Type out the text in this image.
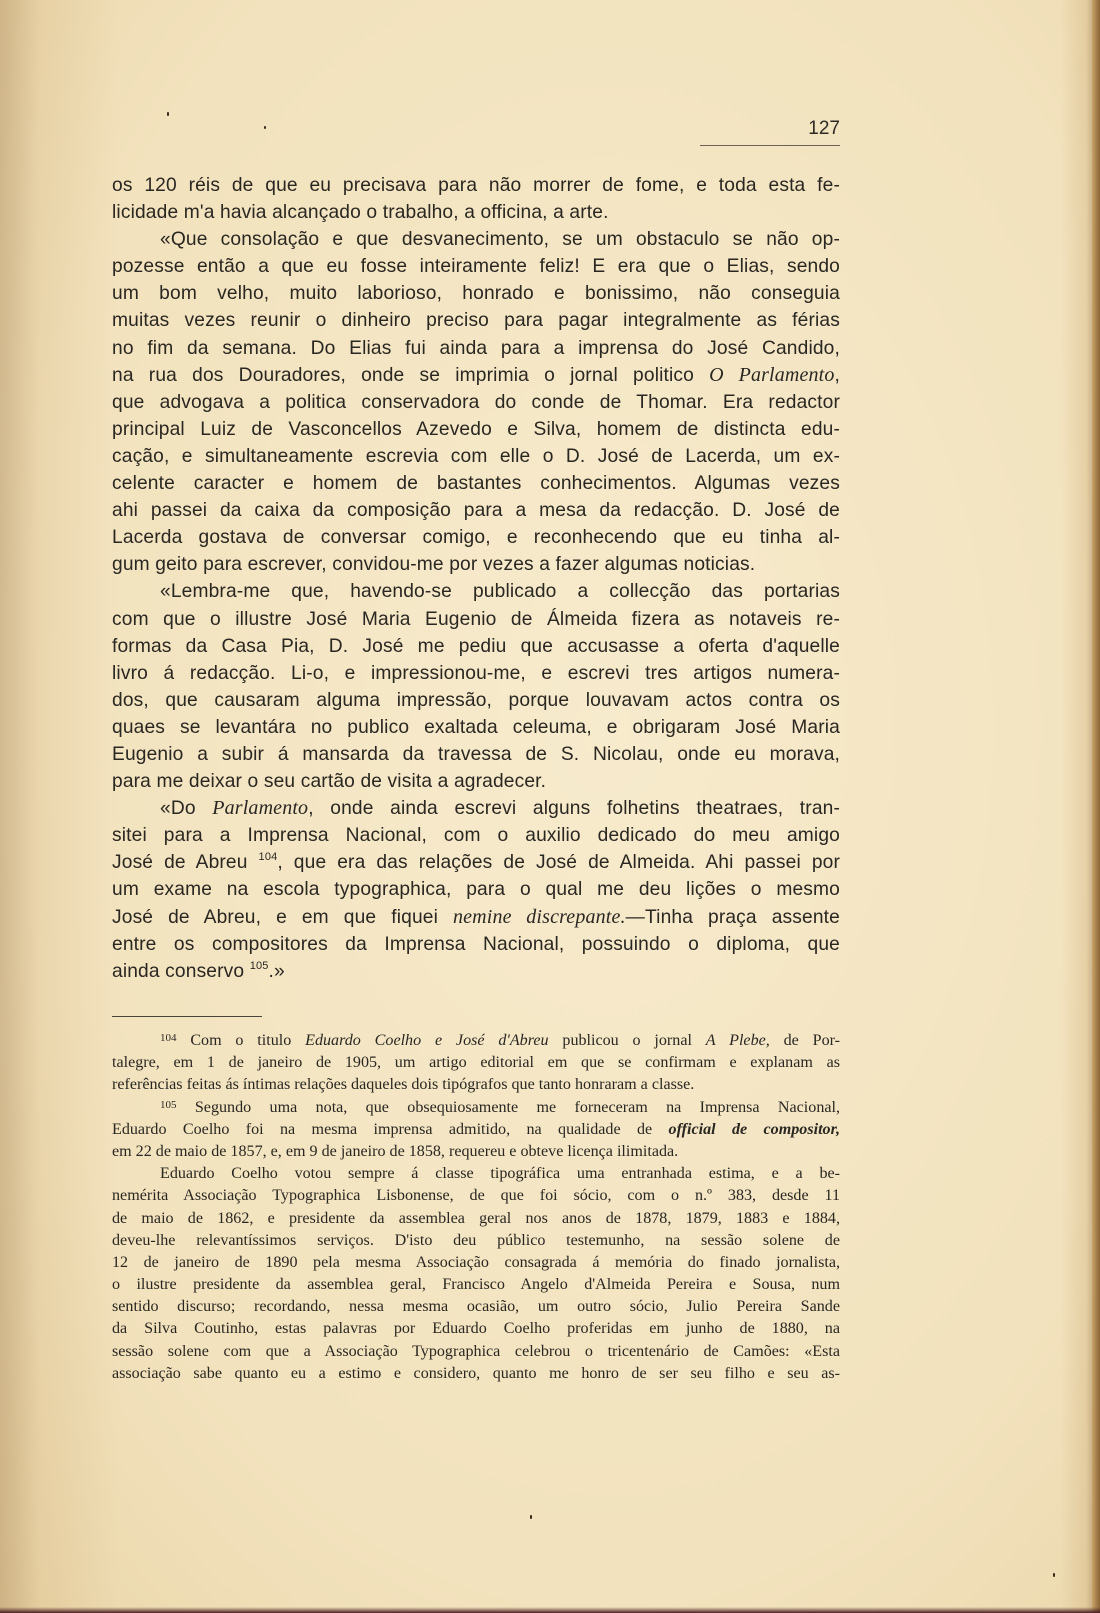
127
os 120 réis de que eu precisava para não morrer de fome, e toda esta fe-
licidade m'a havia alcançado o trabalho, a officina, a arte.
«Que consolação e que desvanecimento, se um obstaculo se não op-
pozesse então a que eu fosse inteiramente feliz! E era que o Elias, sendo
um bom velho, muito laborioso, honrado e bonissimo, não conseguia
muitas vezes reunir o dinheiro preciso para pagar integralmente as férias
no fim da semana. Do Elias fui ainda para a imprensa do José Candido,
na rua dos Douradores, onde se imprimia o jornal politico O Parlamento,
que advogava a politica conservadora do conde de Thomar. Era redactor
principal Luiz de Vasconcellos Azevedo e Silva, homem de distincta edu-
cação, e simultaneamente escrevia com elle o D. José de Lacerda, um ex-
celente caracter e homem de bastantes conhecimentos. Algumas vezes
ahi passei da caixa da composição para a mesa da redacção. D. José de
Lacerda gostava de conversar comigo, e reconhecendo que eu tinha al-
gum geito para escrever, convidou-me por vezes a fazer algumas noticias.
«Lembra-me que, havendo-se publicado a collecção das portarias
com que o illustre José Maria Eugenio de Álmeida fizera as notaveis re-
formas da Casa Pia, D. José me pediu que accusasse a oferta d'aquelle
livro á redacção. Li-o, e impressionou-me, e escrevi tres artigos numera-
dos, que causaram alguma impressão, porque louvavam actos contra os
quaes se levantára no publico exaltada celeuma, e obrigaram José Maria
Eugenio a subir á mansarda da travessa de S. Nicolau, onde eu morava,
para me deixar o seu cartão de visita a agradecer.
«Do Parlamento, onde ainda escrevi alguns folhetins theatraes, tran-
sitei para a Imprensa Nacional, com o auxilio dedicado do meu amigo
José de Abreu $^{104}$, que era das relações de José de Almeida. Ahi passei por
um exame na escola typographica, para o qual me deu lições o mesmo
José de Abreu, e em que fiquei nemine discrepante.—Tinha praça assente
entre os compositores da Imprensa Nacional, possuindo o diploma, que
ainda conservo $^{105}$.»
$^{104}$ Com o titulo Eduardo Coelho e José d'Abreu publicou o jornal A Plebe, de Por-
talegre, em 1 de janeiro de 1905, um artigo editorial em que se confirmam e explanam as
referências feitas ás íntimas relações daqueles dois tipógrafos que tanto honraram a classe.
$^{105}$ Segundo uma nota, que obsequiosamente me forneceram na Imprensa Nacional,
Eduardo Coelho foi na mesma imprensa admitido, na qualidade de official de compositor,
em 22 de maio de 1857, e, em 9 de janeiro de 1858, requereu e obteve licença ilimitada.
Eduardo Coelho votou sempre á classe tipográfica uma entranhada estima, e a be-
nemérita Associação Typographica Lisbonense, de que foi sócio, com o n.º 383, desde 11
de maio de 1862, e presidente da assemblea geral nos anos de 1878, 1879, 1883 e 1884,
deveu-lhe relevantíssimos serviços. D'isto deu público testemunho, na sessão solene de
12 de janeiro de 1890 pela mesma Associação consagrada á memória do finado jornalista,
o ilustre presidente da assemblea geral, Francisco Angelo d'Almeida Pereira e Sousa, num
sentido discurso; recordando, nessa mesma ocasião, um outro sócio, Julio Pereira Sande
da Silva Coutinho, estas palavras por Eduardo Coelho proferidas em junho de 1880, na
sessão solene com que a Associação Typographica celebrou o tricentenário de Camões: «Esta
associação sabe quanto eu a estimo e considero, quanto me honro de ser seu filho e seu as-
